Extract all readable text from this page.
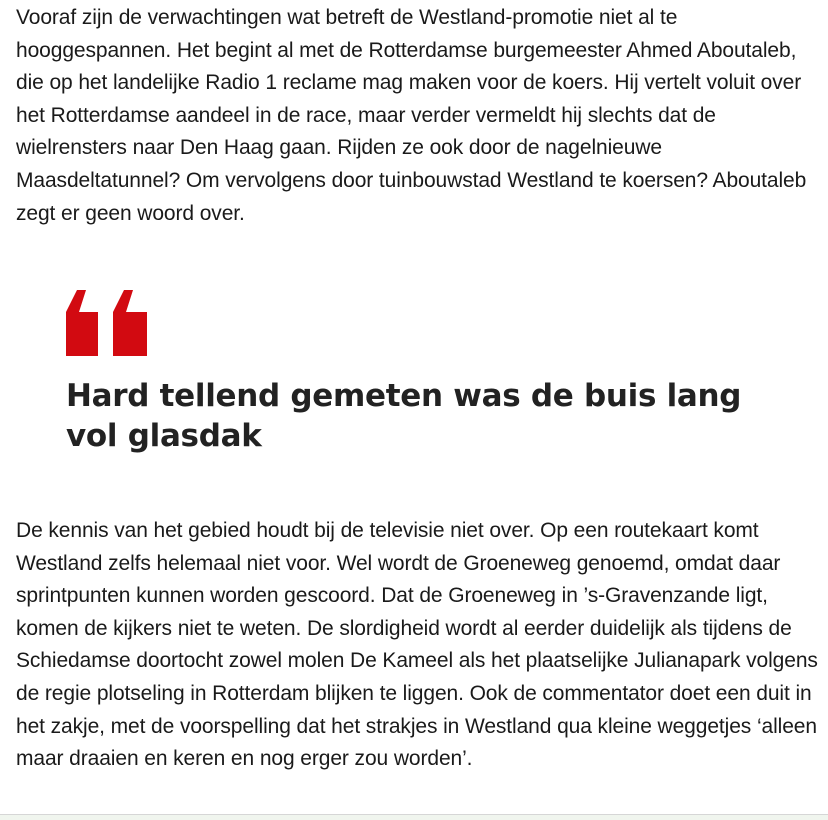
Vooraf zijn de verwachtingen wat betreft de Westland-promotie niet al te hooggespannen. Het begint al met de Rotterdamse burgemeester Ahmed Aboutaleb, die op het landelijke Radio 1 reclame mag maken voor de koers. Hij vertelt voluit over het Rotterdamse aandeel in de race, maar verder vermeldt hij slechts dat de wielrensters naar Den Haag gaan. Rijden ze ook door de nagelnieuwe Maasdeltatunnel? Om vervolgens door tuinbouwstad Westland te koersen? Aboutaleb zegt er geen woord over.

Hard tellend gemeten was de buis lang vol glasdak

De kennis van het gebied houdt bij de televisie niet over. Op een routekaart komt Westland zelfs helemaal niet voor. Wel wordt de Groeneweg genoemd, omdat daar sprintpunten kunnen worden gescoord. Dat de Groeneweg in ’s-Gravenzande ligt, komen de kijkers niet te weten. De slordigheid wordt al eerder duidelijk als tijdens de Schiedamse doortocht zowel molen De Kameel als het plaatselijke Julianapark volgens de regie plotseling in Rotterdam blijken te liggen. Ook de commentator doet een duit in het zakje, met de voorspelling dat het strakjes in Westland qua kleine weggetjes ‘alleen maar draaien en keren en nog erger zou worden’.
